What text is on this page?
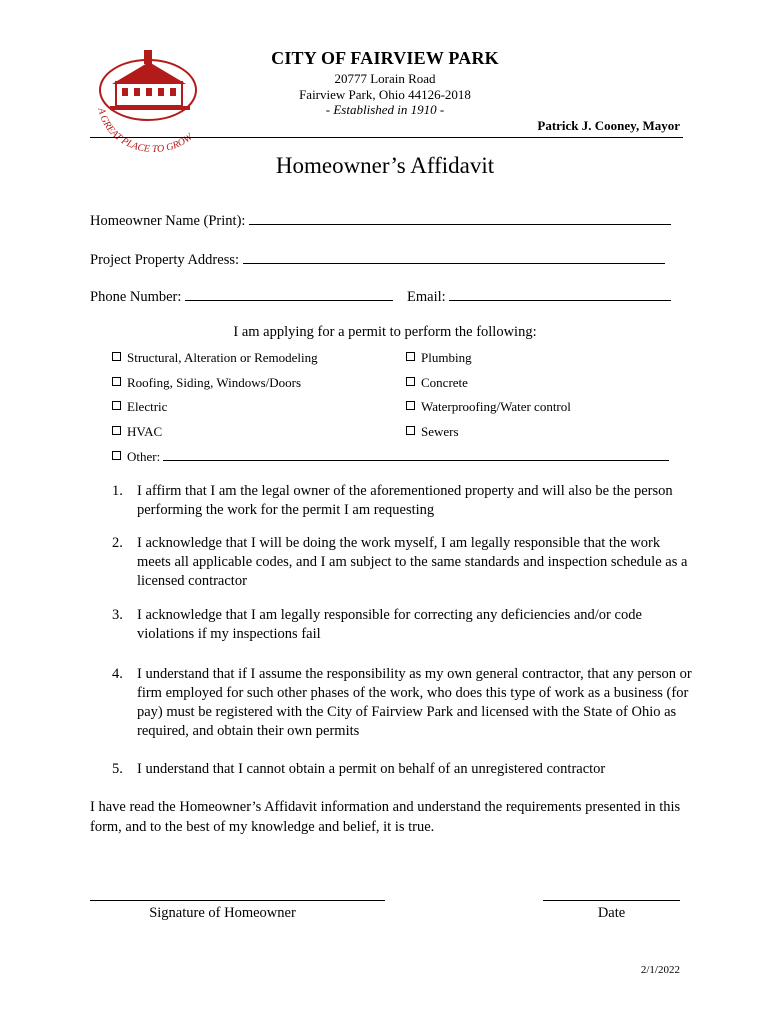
A GREAT PLACE TO GROW
CITY OF FAIRVIEW PARK
20777 Lorain Road
Fairview Park, Ohio 44126-2018
- Established in 1910 -
Patrick J. Cooney, Mayor
Homeowner’s Affidavit
Homeowner Name (Print):
Project Property Address:
Phone Number:	Email:
I am applying for a permit to perform the following:
Structural, Alteration or Remodeling
Roofing, Siding, Windows/Doors
Electric
HVAC
Plumbing
Concrete
Waterproofing/Water control
Sewers
Other:
1. I affirm that I am the legal owner of the aforementioned property and will also be the person performing the work for the permit I am requesting
2. I acknowledge that I will be doing the work myself, I am legally responsible that the work meets all applicable codes, and I am subject to the same standards and inspection schedule as a licensed contractor
3. I acknowledge that I am legally responsible for correcting any deficiencies and/or code violations if my inspections fail
4. I understand that if I assume the responsibility as my own general contractor, that any person or firm employed for such other phases of the work, who does this type of work as a business (for pay) must be registered with the City of Fairview Park and licensed with the State of Ohio as required, and obtain their own permits
5. I understand that I cannot obtain a permit on behalf of an unregistered contractor
I have read the Homeowner’s Affidavit information and understand the requirements presented in this form, and to the best of my knowledge and belief, it is true.
Signature of Homeowner	Date
2/1/2022
